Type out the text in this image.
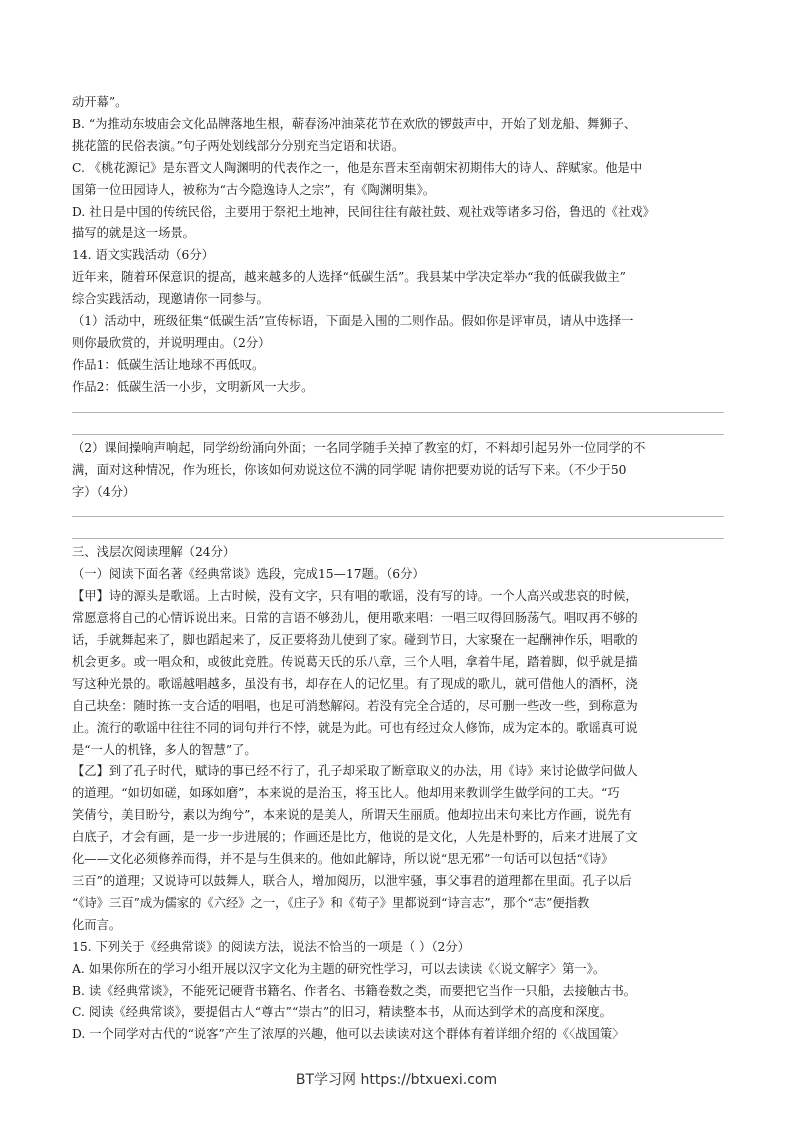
动开幕”。

B. “为推动东坡庙会文化品牌落地生根，蕲春汤冲油菜花节在欢欣的锣鼓声中，开始了划龙船、舞狮子、

挑花篮的民俗表演。”句子两处划线部分分别充当定语和状语。

C. 《桃花源记》是东晋文人陶渊明的代表作之一，他是东晋末至南朝宋初期伟大的诗人、辞赋家。他是中

国第一位田园诗人，被称为“古今隐逸诗人之宗”，有《陶渊明集》。

D. 社日是中国的传统民俗，主要用于祭祀土地神，民间往往有敲社鼓、观社戏等诸多习俗，鲁迅的《社戏》

描写的就是这一场景。

14. 语文实践活动（6分）

近年来，随着环保意识的提高，越来越多的人选择“低碳生活”。我县某中学决定举办“我的低碳我做主”

综合实践活动，现邀请你一同参与。

（1）活动中，班级征集“低碳生活”宣传标语，下面是入围的二则作品。假如你是评审员，请从中选择一

则你最欣赏的，并说明理由。（2分）

作品1：低碳生活让地球不再低叹。

作品2：低碳生活一小步，文明新风一大步。

（2）课间操响声响起，同学纷纷涌向外面；一名同学随手关掉了教室的灯，不料却引起另外一位同学的不

满，面对这种情况，作为班长，你该如何劝说这位不满的同学呢 请你把要劝说的话写下来。（不少于50

字）（4分）

三、浅层次阅读理解（24分）

（一）阅读下面名著《经典常谈》选段，完成15—17题。（6分）

【甲】诗的源头是歌谣。上古时候，没有文字，只有唱的歌谣，没有写的诗。一个人高兴或悲哀的时候，

常愿意将自己的心情诉说出来。日常的言语不够劲儿，便用歌来唱：一唱三叹得回肠荡气。唱叹再不够的

话，手就舞起来了，脚也蹈起来了，反正要将劲儿使到了家。碰到节日，大家聚在一起酬神作乐，唱歌的

机会更多。或一唱众和，或彼此竞胜。传说葛天氏的乐八章，三个人唱，拿着牛尾，踏着脚，似乎就是描

写这种光景的。歌谣越唱越多，虽没有书，却存在人的记忆里。有了现成的歌儿，就可借他人的酒杯，浇

自己块垒：随时拣一支合适的唱唱，也足可消愁解闷。若没有完全合适的，尽可删一些改一些，到称意为

止。流行的歌谣中往往不同的词句并行不悖，就是为此。可也有经过众人修饰，成为定本的。歌谣真可说

是“一人的机锋，多人的智慧”了。

【乙】到了孔子时代，赋诗的事已经不行了，孔子却采取了断章取义的办法，用《诗》来讨论做学问做人

的道理。“如切如磋，如琢如磨”，本来说的是治玉，将玉比人。他却用来教训学生做学问的工夫。“巧

笑倩兮，美目盼兮，素以为绚兮”，本来说的是美人，所谓天生丽质。他却拉出末句来比方作画，说先有

白底子，才会有画，是一步一步进展的；作画还是比方，他说的是文化，人先是朴野的，后来才进展了文

化——文化必须修养而得，并不是与生俱来的。他如此解诗，所以说“思无邪”一句话可以包括“《诗》

三百”的道理；又说诗可以鼓舞人，联合人，增加阅历，以泄牢骚，事父事君的道理都在里面。孔子以后

“《诗》三百”成为儒家的《六经》之一，《庄子》和《荀子》里都说到“诗言志”，那个“志”便指教

化而言。

15. 下列关于《经典常谈》的阅读方法，说法不恰当的一项是（ ）（2分）

A. 如果你所在的学习小组开展以汉字文化为主题的研究性学习，可以去读读《〈说文解字〉第一》。

B. 读《经典常谈》，不能死记硬背书籍名、作者名、书籍卷数之类，而要把它当作一只船，去接触古书。

C. 阅读《经典常谈》，要提倡古人“尊古”“崇古”的旧习，精读整本书，从而达到学术的高度和深度。

D. 一个同学对古代的“说客”产生了浓厚的兴趣，他可以去读读对这个群体有着详细介绍的《〈战国策〉

BT学习网 https://btxuexi.com
